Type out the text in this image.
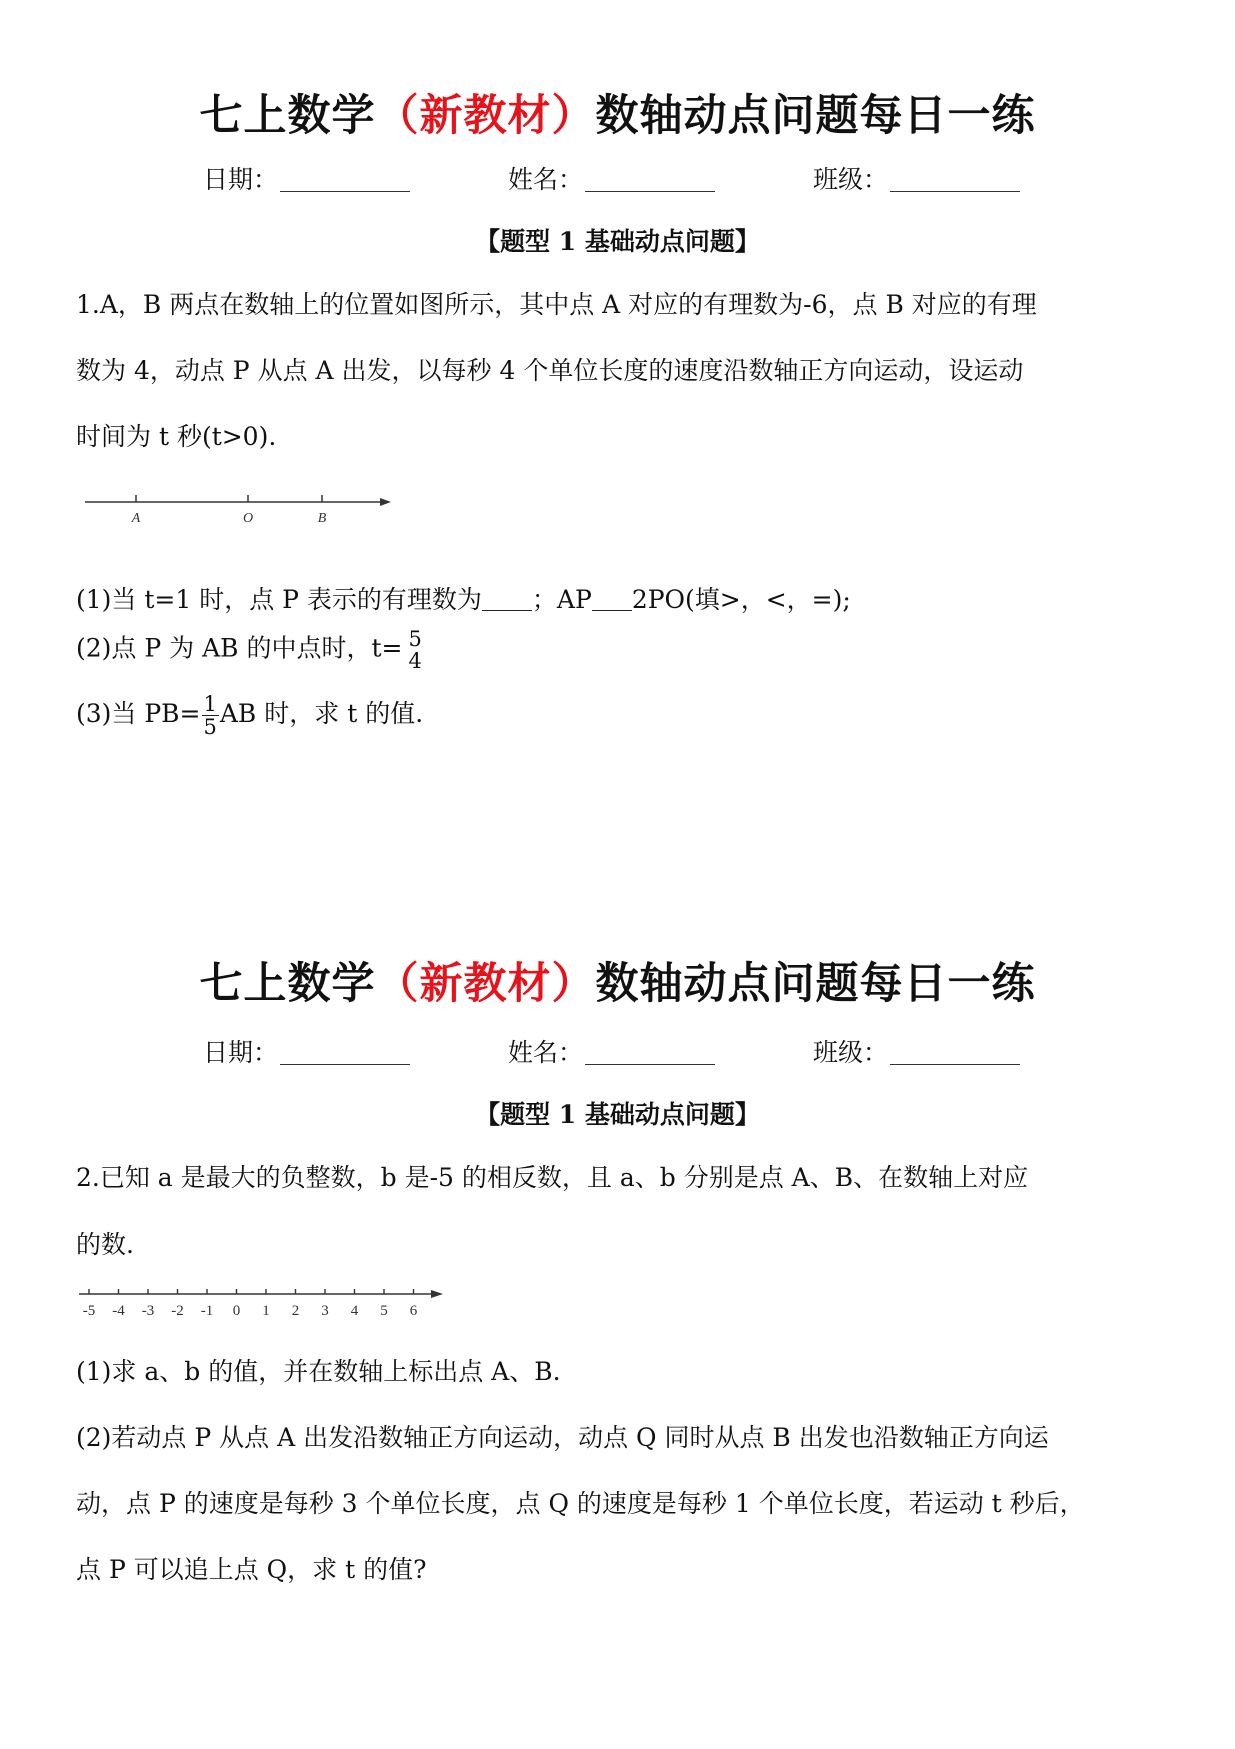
七上数学（新教材）数轴动点问题每日一练
日期：	姓名：	班级：
【题型 1 基础动点问题】
1.A，B 两点在数轴上的位置如图所示，其中点 A 对应的有理数为-6，点 B 对应的有理
数为 4，动点 P 从点 A 出发，以每秒 4 个单位长度的速度沿数轴正方向运动，设运动
时间为 t 秒(t>0).
A	O	B
(1)当 t=1 时，点 P 表示的有理数为 ；AP 2PO(填>，<，=);
(2)点 P 为 AB 的中点时，t= 5
4
(3)当 $PB= \frac{1}{5}$ AB 时，求 t 的值.
七上数学（新教材）数轴动点问题每日一练
日期：	姓名：	班级：
【题型 1 基础动点问题】
2.已知 a 是最大的负整数，b 是-5 的相反数，且 a、b 分别是点 A、B、在数轴上对应
的数.
-5 -4 -3 -2 -1 0 1 2 3 4 5 6
(1)求 a、b 的值，并在数轴上标出点 A、B.
(2)若动点 P 从点 A 出发沿数轴正方向运动，动点 Q 同时从点 B 出发也沿数轴正方向运
动，点 P 的速度是每秒 3 个单位长度，点 Q 的速度是每秒 1 个单位长度，若运动 t 秒后，
点 P 可以追上点 Q，求 t 的值?
